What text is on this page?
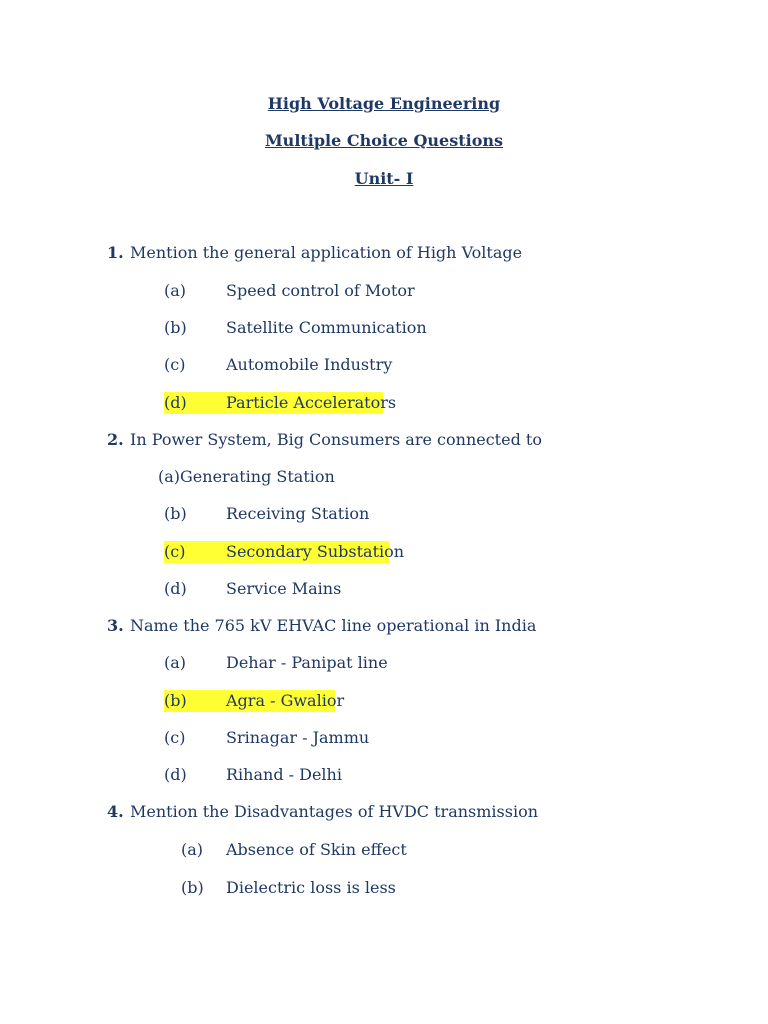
High Voltage Engineering
Multiple Choice Questions
Unit- I
1. Mention the general application of High Voltage
(a) Speed control of Motor
(b) Satellite Communication
(c)	Automobile Industry
(d) Particle Accelerators
2. In Power System, Big Consumers are connected to
(a)Generating Station
(b) Receiving Station
(c)	Secondary Substation
(d) Service Mains
3. Name the 765 kV EHVAC line operational in India
(a) Dehar - Panipat line
(b) Agra - Gwalior
(c)	Srinagar - Jammu
(d) Rihand - Delhi
4. Mention the Disadvantages of HVDC transmission
(a) Absence of Skin effect
(b) Dielectric loss is less
